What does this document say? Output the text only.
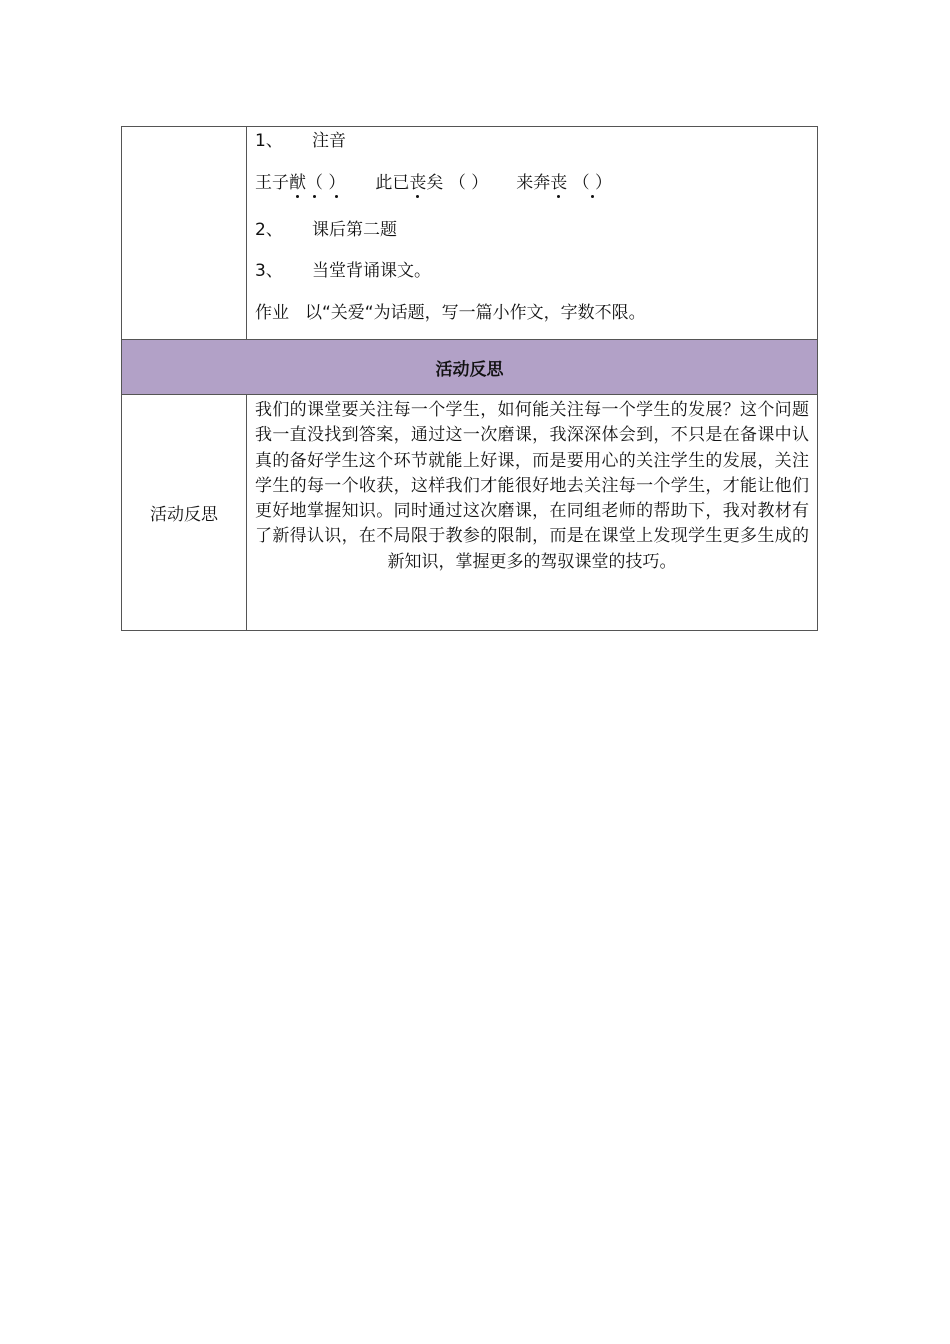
	1、 注音
王子猷（ ） 此已丧矣 （ ） 来奔丧 （ ）
2、 课后第二题
3、 当堂背诵课文。
作业 以“关爱“为话题，写一篇小作文，字数不限。

活动反思	
活动反思	我们的课堂要关注每一个学生，如何能关注每一个学生的发展？这个问题我一直没找到答案，通过这一次磨课，我深深体会到，不只是在备课中认真的备好学生这个环节就能上好课，而是要用心的关注学生的发展，关注学生的每一个收获，这样我们才能很好地去关注每一个学生，才能让他们更好地掌握知识。同时通过这次磨课，在同组老师的帮助下，我对教材有了新得认识，在不局限于教参的限制，而是在课堂上发现学生更多生成的新知识，掌握更多的驾驭课堂的技巧。
